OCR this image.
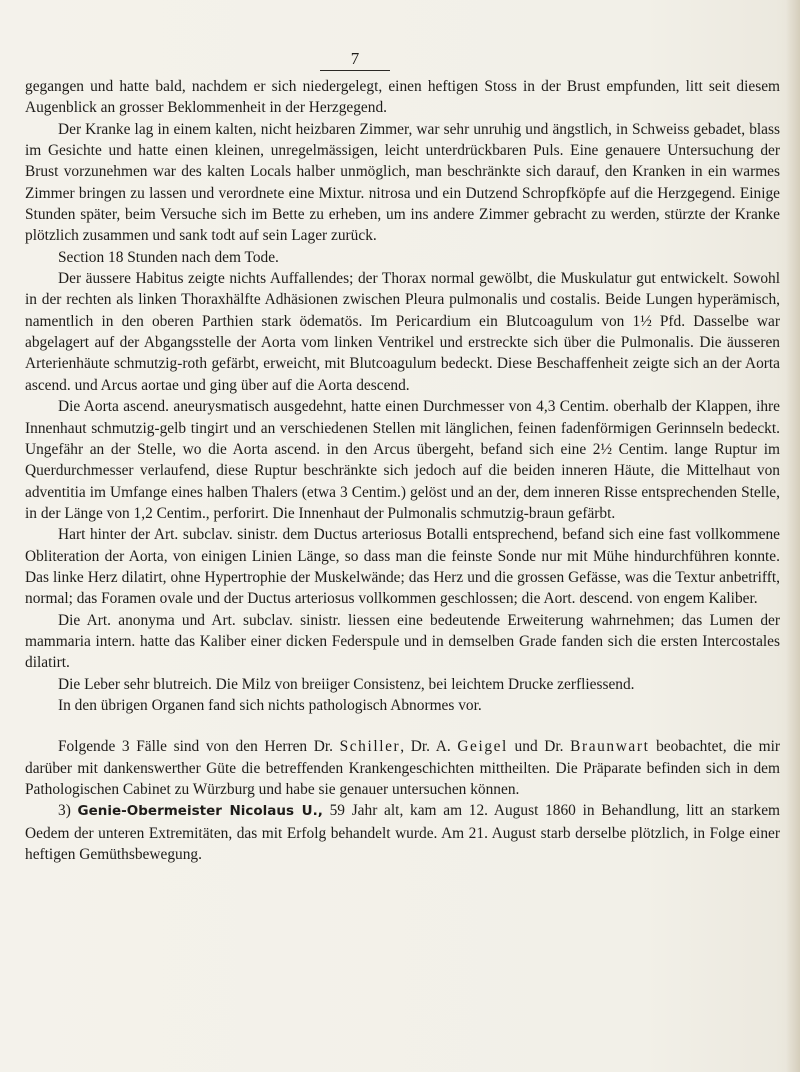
7

gegangen und hatte bald, nachdem er sich niedergelegt, einen heftigen Stoss in der Brust empfunden, litt seit diesem Augenblick an grosser Beklommenheit in der Herzgegend.

Der Kranke lag in einem kalten, nicht heizbaren Zimmer, war sehr unruhig und ängstlich, in Schweiss gebadet, blass im Gesichte und hatte einen kleinen, unregelmässigen, leicht unterdrückbaren Puls. Eine genauere Untersuchung der Brust vorzunehmen war des kalten Locals halber unmöglich, man beschränkte sich darauf, den Kranken in ein warmes Zimmer bringen zu lassen und verordnete eine Mixtur. nitrosa und ein Dutzend Schropfköpfe auf die Herzgegend. Einige Stunden später, beim Versuche sich im Bette zu erheben, um ins andere Zimmer gebracht zu werden, stürzte der Kranke plötzlich zusammen und sank todt auf sein Lager zurück.

Section 18 Stunden nach dem Tode.

Der äussere Habitus zeigte nichts Auffallendes; der Thorax normal gewölbt, die Muskulatur gut entwickelt. Sowohl in der rechten als linken Thoraxhälfte Adhäsionen zwischen Pleura pulmonalis und costalis. Beide Lungen hyperämisch, namentlich in den oberen Parthien stark ödematös. Im Pericardium ein Blutcoagulum von 1½ Pfd. Dasselbe war abgelagert auf der Abgangsstelle der Aorta vom linken Ventrikel und erstreckte sich über die Pulmonalis. Die äusseren Arterienhäute schmutzig-roth gefärbt, erweicht, mit Blutcoagulum bedeckt. Diese Beschaffenheit zeigte sich an der Aorta ascend. und Arcus aortae und ging über auf die Aorta descend.

Die Aorta ascend. aneurysmatisch ausgedehnt, hatte einen Durchmesser von 4,3 Centim. oberhalb der Klappen, ihre Innenhaut schmutzig-gelb tingirt und an verschiedenen Stellen mit länglichen, feinen fadenförmigen Gerinnseln bedeckt. Ungefähr an der Stelle, wo die Aorta ascend. in den Arcus übergeht, befand sich eine 2½ Centim. lange Ruptur im Querdurchmesser verlaufend, diese Ruptur beschränkte sich jedoch auf die beiden inneren Häute, die Mittelhaut von adventitia im Umfange eines halben Thalers (etwa 3 Centim.) gelöst und an der, dem inneren Risse entsprechenden Stelle, in der Länge von 1,2 Centim., perforirt. Die Innenhaut der Pulmonalis schmutzig-braun gefärbt.

Hart hinter der Art. subclav. sinistr. dem Ductus arteriosus Botalli entsprechend, befand sich eine fast vollkommene Obliteration der Aorta, von einigen Linien Länge, so dass man die feinste Sonde nur mit Mühe hindurchführen konnte. Das linke Herz dilatirt, ohne Hypertrophie der Muskelwände; das Herz und die grossen Gefässe, was die Textur anbetrifft, normal; das Foramen ovale und der Ductus arteriosus vollkommen geschlossen; die Aort. descend. von engem Kaliber.

Die Art. anonyma und Art. subclav. sinistr. liessen eine bedeutende Erweiterung wahrnehmen; das Lumen der mammaria intern. hatte das Kaliber einer dicken Federspule und in demselben Grade fanden sich die ersten Intercostales dilatirt.

Die Leber sehr blutreich. Die Milz von breiiger Consistenz, bei leichtem Drucke zerfliessend.

In den übrigen Organen fand sich nichts pathologisch Abnormes vor.

Folgende 3 Fälle sind von den Herren Dr. Schiller, Dr. A. Geigel und Dr. Braunwart beobachtet, die mir darüber mit dankenswerther Güte die betreffenden Krankengeschichten mittheilten. Die Präparate befinden sich in dem Pathologischen Cabinet zu Würzburg und habe sie genauer untersuchen können.

3) Genie-Obermeister Nicolaus U., 59 Jahr alt, kam am 12. August 1860 in Behandlung, litt an starkem Oedem der unteren Extremitäten, das mit Erfolg behandelt wurde. Am 21. August starb derselbe plötzlich, in Folge einer heftigen Gemüthsbewegung.
